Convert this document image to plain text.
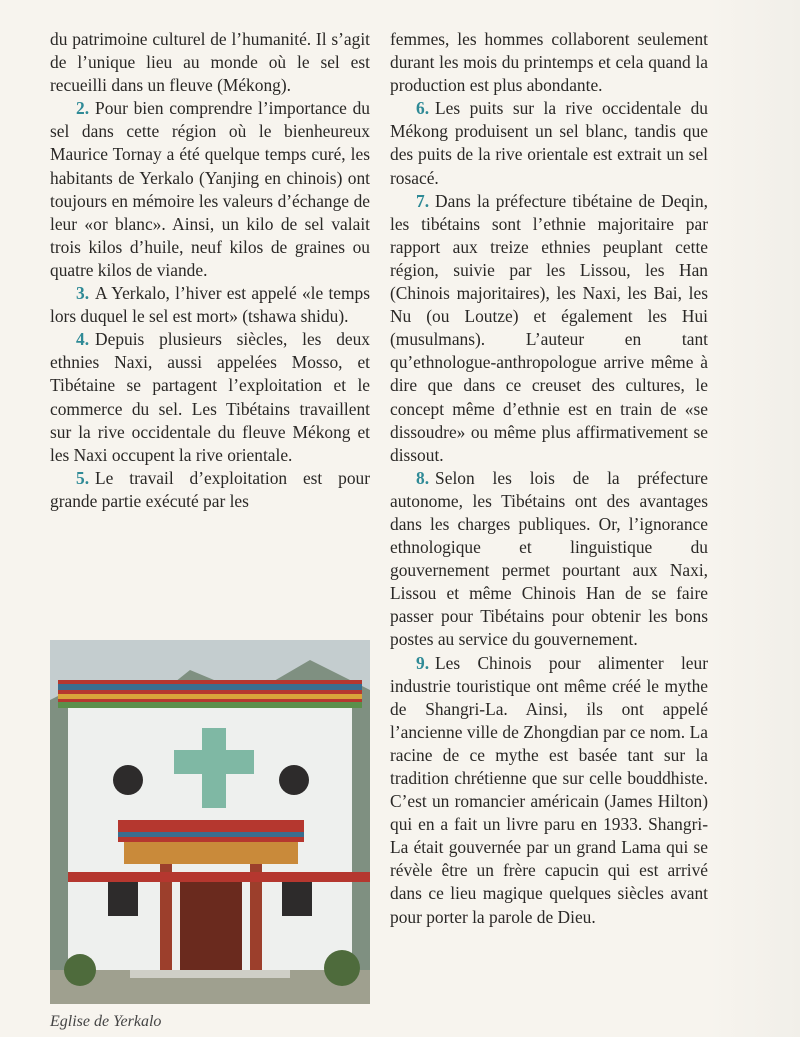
du patrimoine culturel de l’humanité. Il s’agit de l’unique lieu au monde où le sel est recueilli dans un fleuve (Mékong).

2. Pour bien comprendre l’importance du sel dans cette région où le bienheureux Maurice Tornay a été quelque temps curé, les habitants de Yerkalo (Yanjing en chinois) ont toujours en mémoire les valeurs d’échange de leur «or blanc». Ainsi, un kilo de sel valait trois kilos d’huile, neuf kilos de graines ou quatre kilos de viande.

3. A Yerkalo, l’hiver est appelé «le temps lors duquel le sel est mort» (tshawa shidu).

4. Depuis plusieurs siècles, les deux ethnies Naxi, aussi appelées Mosso, et Tibétaine se partagent l’exploitation et le commerce du sel. Les Tibétains travaillent sur la rive occidentale du fleuve Mékong et les Naxi occupent la rive orientale.

5. Le travail d’exploitation est pour grande partie exécuté par les

femmes, les hommes collaborent seulement durant les mois du printemps et cela quand la production est plus abondante.

6. Les puits sur la rive occidentale du Mékong produisent un sel blanc, tandis que des puits de la rive orientale est extrait un sel rosacé.

7. Dans la préfecture tibétaine de Deqin, les tibétains sont l’ethnie majoritaire par rapport aux treize ethnies peuplant cette région, suivie par les Lissou, les Han (Chinois majoritaires), les Naxi, les Bai, les Nu (ou Loutze) et également les Hui (musulmans). L’auteur en tant qu’ethnologue-anthropologue arrive même à dire que dans ce creuset des cultures, le concept même d’ethnie est en train de «se dissoudre» ou même plus affirmativement se dissout.

8. Selon les lois de la préfecture autonome, les Tibétains ont des avantages dans les charges publiques. Or, l’ignorance ethnologique et linguistique du gouvernement permet pourtant aux Naxi, Lissou et même Chinois Han de se faire passer pour Tibétains pour obtenir les bons postes au service du gouvernement.

9. Les Chinois pour alimenter leur industrie touristique ont même créé le mythe de Shangri-La. Ainsi, ils ont appelé l’ancienne ville de Zhongdian par ce nom. La racine de ce mythe est basée tant sur la tradition chrétienne que sur celle bouddhiste. C’est un romancier américain (James Hilton) qui en a fait un livre paru en 1933. Shangri-La était gouvernée par un grand Lama qui se révèle être un frère capucin qui est arrivé dans ce lieu magique quelques siècles avant pour porter la parole de Dieu.

Eglise de Yerkalo
